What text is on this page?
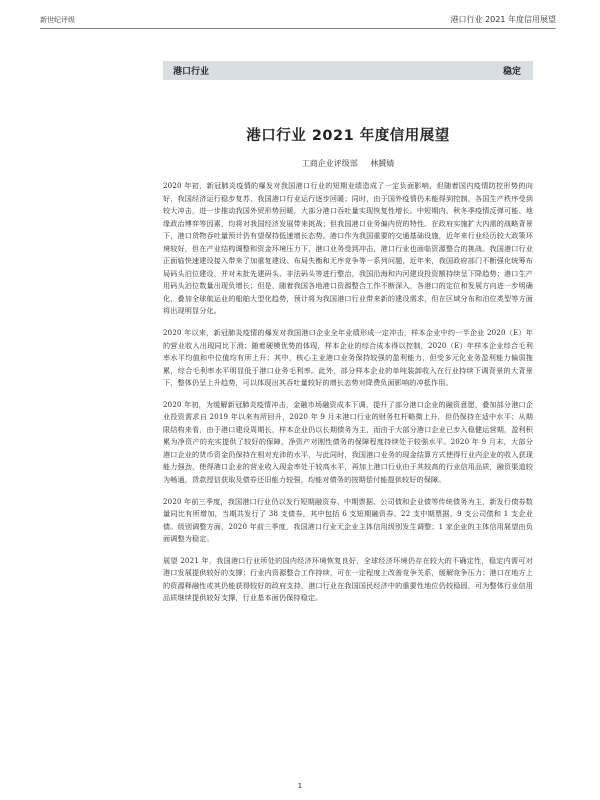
新世纪评级	港口行业 2021 年度信用展望
港口行业	稳定
港口行业 2021 年度信用展望
工商企业评级部 林贇婧

2020 年初，新冠肺炎疫情的爆发对我国港口行业的短期业绩造成了一定负面影响，但随着国内疫情防控形势的向好，我国经济运行稳步复苏，我国港口行业运行逐步回暖；同时，由于国外疫情仍未能得到控制，各国生产秩序受到较大冲击，进一步推动我国外贸形势回暖，大部分港口吞吐量实现恢复性增长。中短期内，秋冬季疫情反弹可能、地缘政治博弈等因素，均将对我国经济发展带来挑战；但我国港口业务偏内贸的特性、在政府实施扩大内需的战略背景下，港口货物吞吐量预计仍有望保持低速增长态势。港口作为我国重要的交通基础设施，近年来行业经历较大政策环境较好，但在产业结构调整和资金环境压力下，港口业务受到冲击，港口行业也面临资源整合的挑战。我国港口行业正面临快速建设接入带来了加重复建设、布局失衡和无序竞争等一系列问题，近年来，我国政府部门不断强化统筹布局码头泊位建设，并对未批先建码头、非法码头等进行整治，我国沿海和内河建设投资额持续呈下降趋势；港口生产用码头泊位数量出现负增长；但是，随着我国各地港口资源整合工作不断深入，各港口的定位和发展方向进一步明确化，叠加全球航运业的船舶大型化趋势，预计将为我国港口行业带来新的建设需求，但在区域分布和泊位类型等方面将出现明显分化。

2020 年以来，新冠肺炎疫情的爆发对我国港口企业全年业绩形成一定冲击，样本企业中约一半企业 2020（E）年的营业收入出现同比下滑；随着硬模优势的体现，样本企业的综合成本得以控制，2020（E）年样本企业综合毛利率水平均值和中位值均有所上升；其中，核心主业港口业务保持较强的盈利能力，但受多元化业务盈利能力偏弱拖累，综合毛利率水平明显低于港口业务毛利率。此外，部分样本企业的单吨装卸收入在行业持续下调背景的大背景下，整体仍呈上升趋势，可以体现出其吞吐量较好的增长态势对降费负面影响的冲抵作用。

2020 年初，为缓解新冠肺炎疫情冲击，金融市场融资成本下调，提升了部分港口企业的融资意愿，叠加部分港口企业投资需求自 2019 年以来有所回升，2020 年 9 月末港口行业的财务杠杆略微上升，但仍保持在适中水平；从期限结构来看，由于港口建设周期长，样本企业仍以长期债务为主，而由于大部分港口企业已步入稳健运营期，盈利积累为净资产的充实提供了较好的保障，净资产对刚性债务的保障程度持续处于较强水平。2020 年 9 月末，大部分港口企业的货币资金仍保持在相对充沛的水平，与此同时，我国港口业务的现金结算方式使得行业内企业的收入获现能力强劲，使得港口企业的营业收入现金率处于较高水平，再加上港口行业由于其较高的行业信用品质，融资渠道较为畅通，货款授信获取及债券还旧能力较强，均能对债务的按期偿付能提供较好的保障。

2020 年前三季度，我国港口行业仍以发行短期融资券、中期票据、公司债和企业债等传统债务为主，新发行债券数量同比有所增加，当期共发行了 38 支债券，其中包括 6 支短期融资券、22 支中期票据、9 支公司债和 1 支企业债。级别调整方面，2020 年前三季度，我国港口行业无企业主体信用级别发生调整；1 家企业的主体信用展望由负面调整为稳定。

展望 2021 年，我国港口行业所处的国内经济环境恢复良好，全球经济环境仍存在较大的不确定性，稳定内需可对港口发展提供较好的支撑；行业内资源整合工作持续，可在一定程度上改善竞争关系，缓解竞争压力；港口在地方上的资源释融性或其仍能获得较好的政府支持，港口行业在我国国民经济中的重要性地位仍较稳固，可为整体行业信用品质继续提供较好支撑，行业基本面仍保持稳定。

1
